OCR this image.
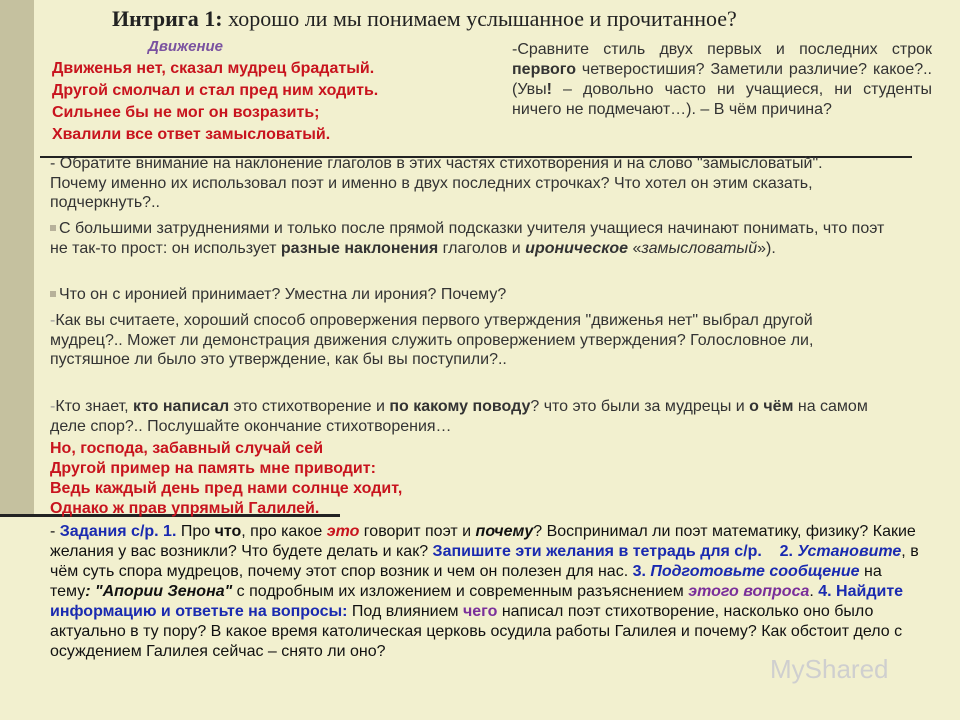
Интрига 1: хорошо ли мы понимаем услышанное и прочитанное?
Движение
Движенья нет, сказал мудрец брадатый.
Другой смолчал и стал пред ним ходить.
Сильнее бы не мог он возразить;
Хвалили все ответ замысловатый.
-Сравните стиль двух первых и последних строк первого четверостишия? Заметили различие? какое?.. (Увы! – довольно часто ни учащиеся, ни студенты ничего не подмечают…). – В чём причина?
- Обратите внимание на наклонение глаголов в этих частях стихотворения и на слово "замысловатый". Почему именно их использовал поэт и именно в двух последних строчках? Что хотел он этим сказать, подчеркнуть?..
С большими затруднениями и только после прямой подсказки учителя учащиеся начинают понимать, что поэт не так-то прост: он использует разные наклонения глаголов и ироническое «замысловатый»).
Что он с иронией принимает? Уместна ли ирония? Почему?
-Как вы считаете, хороший способ опровержения первого утверждения "движенья нет" выбрал другой мудрец?.. Может ли демонстрация движения служить опровержением утверждения? Голословное ли, пустяшное ли было это утверждение, как бы вы поступили?..
-Кто знает, кто написал это стихотворение и по какому поводу? что это были за мудрецы и о чём на самом деле спор?.. Послушайте окончание стихотворения…
Но, господа, забавный случай сей
Другой пример на память мне приводит:
Ведь каждый день пред нами солнце ходит,
Однако ж прав упрямый Галилей.
- Задания с/р. 1. Про что, про какое это говорит поэт и почему? Воспринимал ли поэт математику, физику? Какие желания у вас возникли? Что будете делать и как? Запишите эти желания в тетрадь для с/р.    2. Установите, в чём суть спора мудрецов, почему этот спор возник и чем он полезен для нас. 3. Подготовьте сообщение на тему: "Апории Зенона" с подробным их изложением и современным разъяснением этого вопроса. 4. Найдите информацию и ответьте на вопросы: Под влиянием чего написал поэт стихотворение, насколько оно было актуально в ту пору? В какое время католическая церковь осудила работы Галилея и почему? Как обстоит дело с осуждением Галилея сейчас – снято ли оно?
MyShared
